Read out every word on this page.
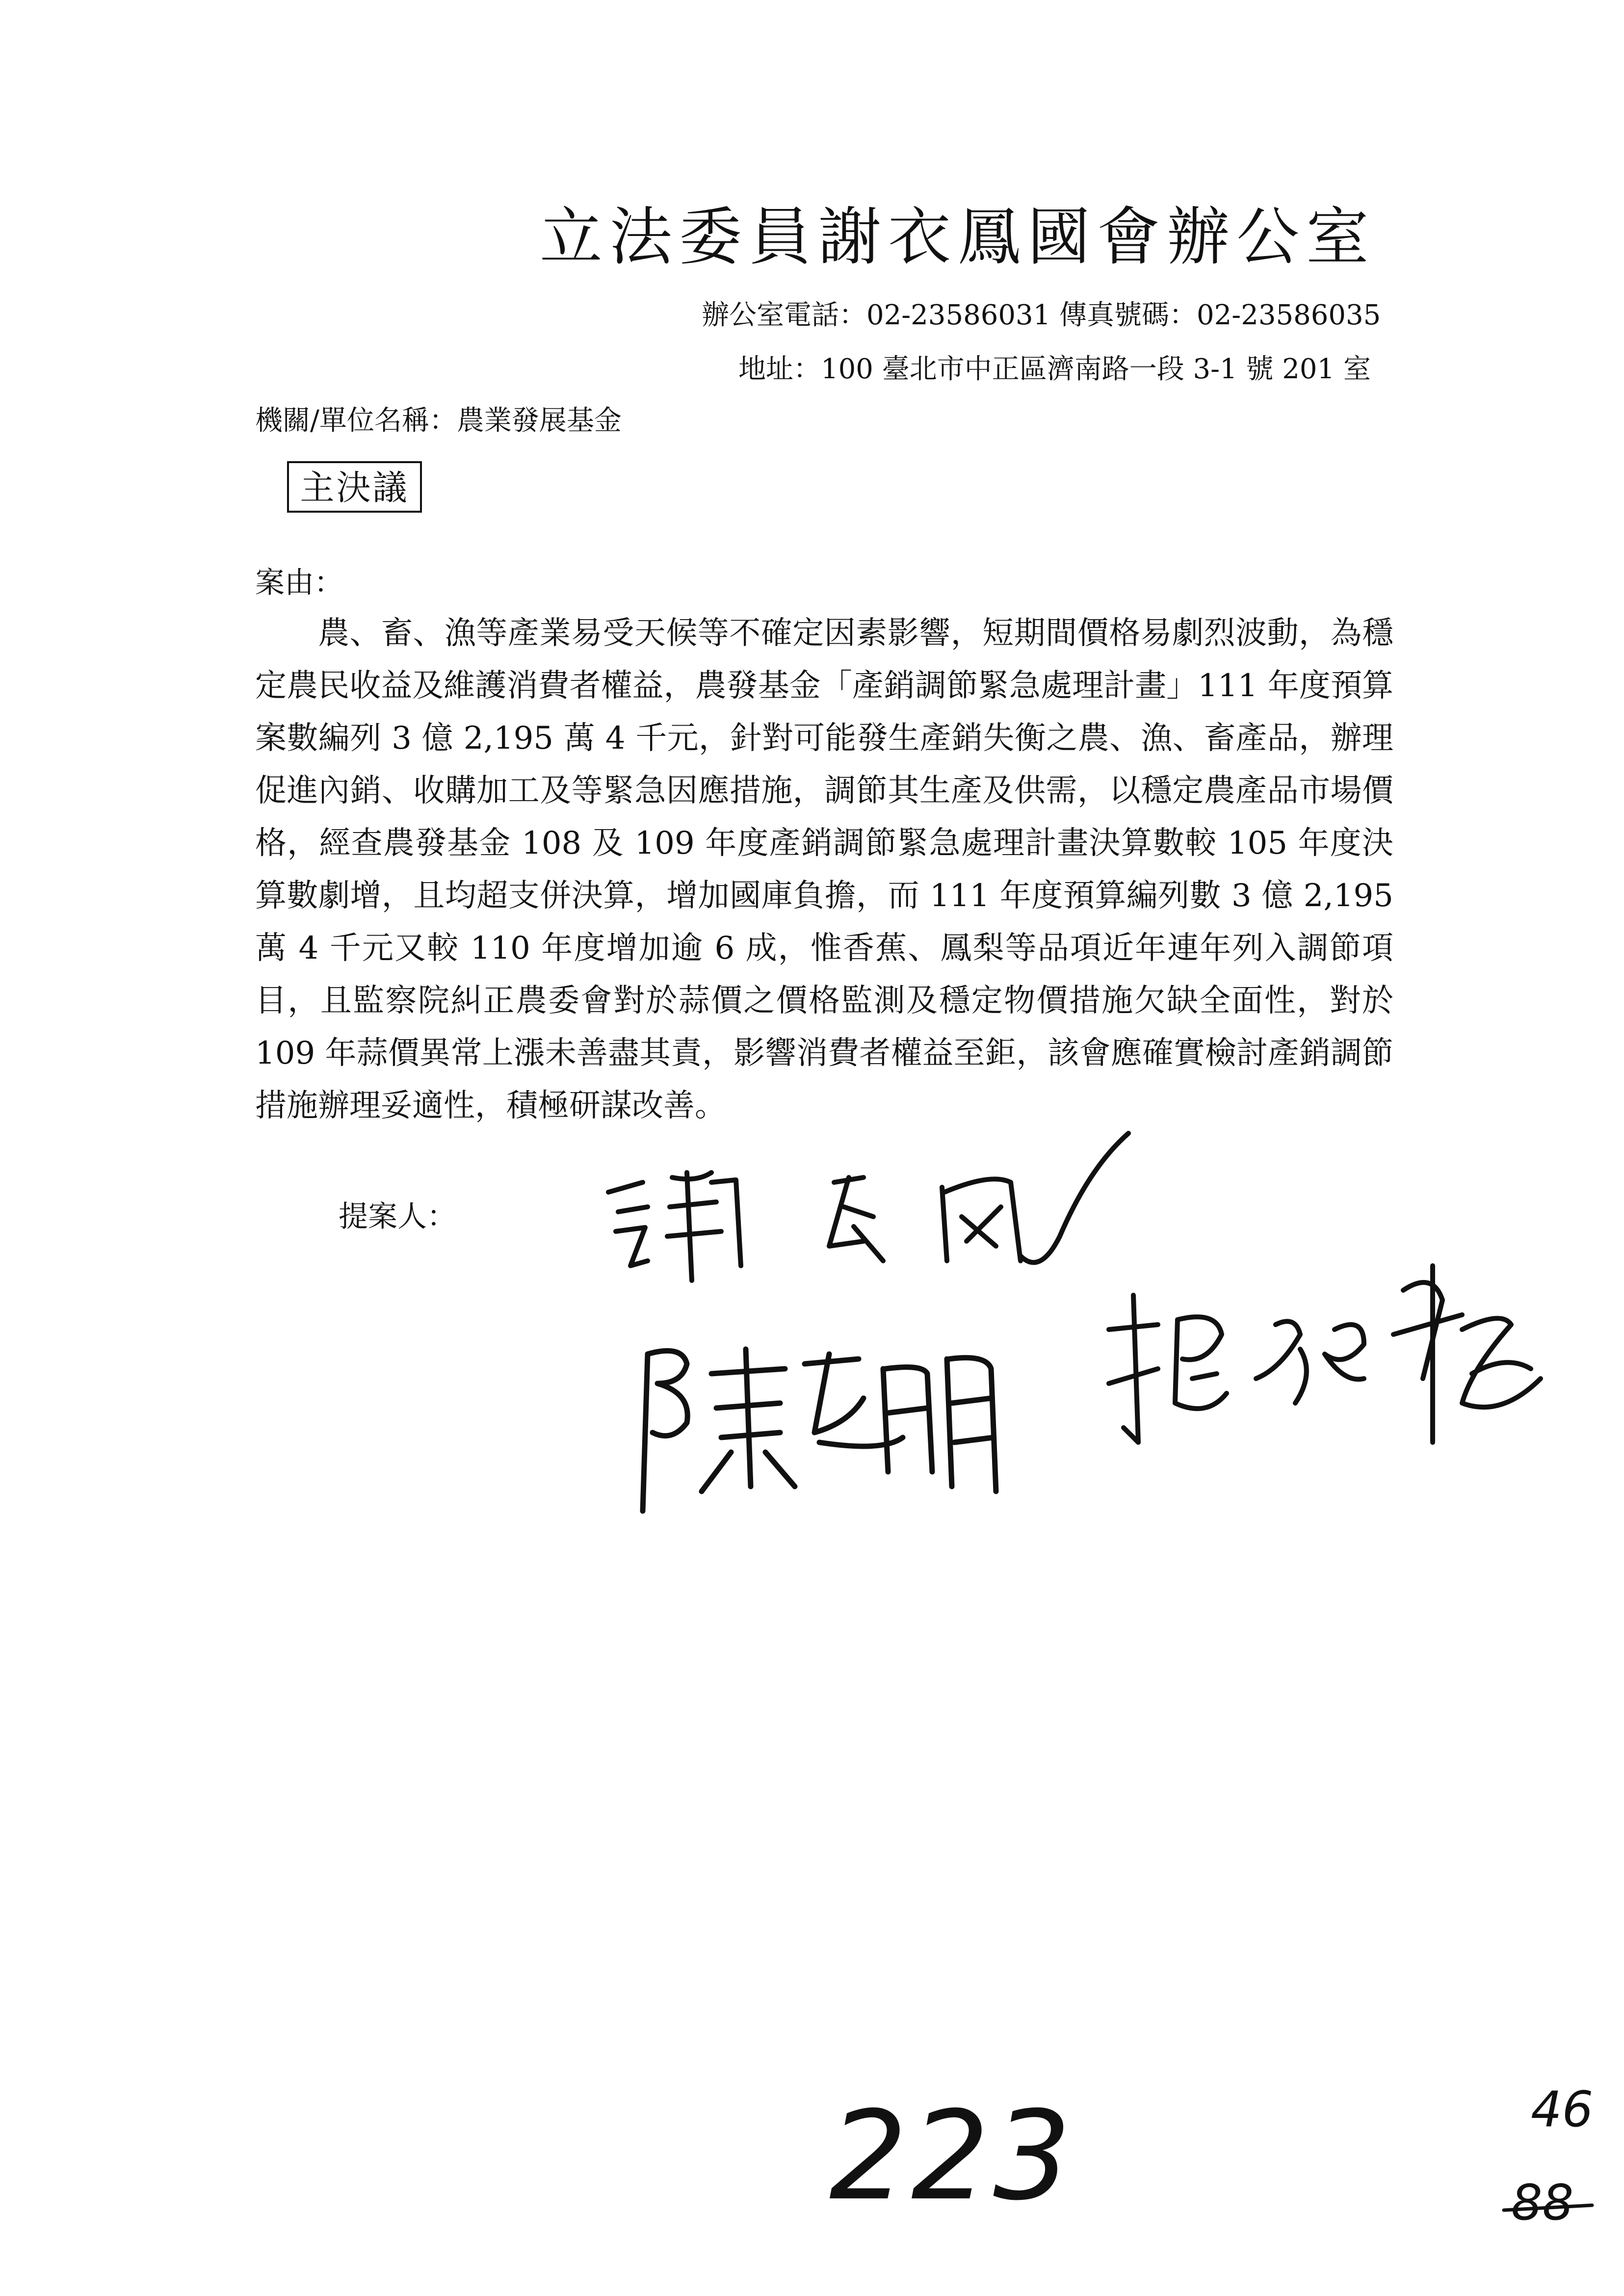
立法委員謝衣鳳國會辦公室
辦公室電話：02-23586031 傳真號碼：02-23586035
地址：100 臺北市中正區濟南路一段 3-1 號 201 室
機關/單位名稱：農業發展基金
主決議
案由：

農、畜、漁等產業易受天候等不確定因素影響，短期間價格易劇烈波動，為穩定農民收益及維護消費者權益，農發基金「產銷調節緊急處理計畫」111 年度預算案數編列 3 億 2,195 萬 4 千元，針對可能發生產銷失衡之農、漁、畜產品，辦理促進內銷、收購加工及等緊急因應措施，調節其生產及供需，以穩定農產品市場價格，經查農發基金 108 及 109 年度產銷調節緊急處理計畫決算數較 105 年度決算數劇增，且均超支併決算，增加國庫負擔，而 111 年度預算編列數 3 億 2,195 萬 4 千元又較 110 年度增加逾 6 成，惟香蕉、鳳梨等品項近年連年列入調節項目，且監察院糾正農委會對於蒜價之價格監測及穩定物價措施欠缺全面性，對於 109 年蒜價異常上漲未善盡其責，影響消費者權益至鉅，該會應確實檢討產銷調節措施辦理妥適性，積極研謀改善。

提案人：
223	46
88
